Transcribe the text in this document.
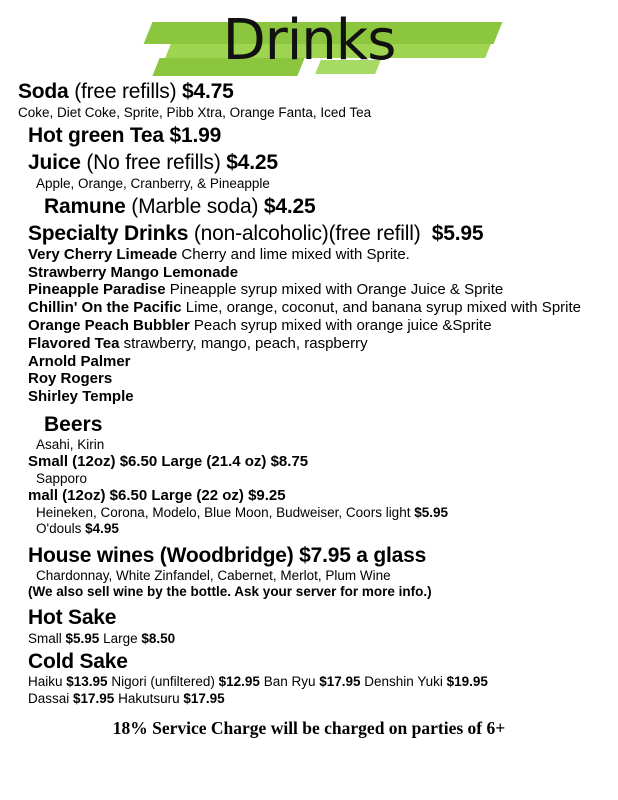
Drinks
Soda (free refills) $4.75
Coke, Diet Coke, Sprite, Pibb Xtra, Orange Fanta, Iced Tea
Hot green Tea $1.99
Juice (No free refills) $4.25
Apple, Orange, Cranberry, & Pineapple
Ramune (Marble soda) $4.25
Specialty Drinks (non-alcoholic)(free refill) $5.95
Very Cherry Limeade Cherry and lime mixed with Sprite.
Strawberry Mango Lemonade
Pineapple Paradise Pineapple syrup mixed with Orange Juice & Sprite
Chillin' On the Pacific Lime, orange, coconut, and banana syrup mixed with Sprite
Orange Peach Bubbler Peach syrup mixed with orange juice &Sprite
Flavored Tea strawberry, mango, peach, raspberry
Arnold Palmer
Roy Rogers
Shirley Temple
Beers
Asahi, Kirin
Small (12oz) $6.50 Large (21.4 oz) $8.75
Sapporo
mall (12oz) $6.50 Large (22 oz) $9.25
Heineken, Corona, Modelo, Blue Moon, Budweiser, Coors light $5.95
O'douls $4.95
House wines (Woodbridge) $7.95 a glass
Chardonnay, White Zinfandel, Cabernet, Merlot, Plum Wine
(We also sell wine by the bottle. Ask your server for more info.)
Hot Sake
Small $5.95 Large $8.50
Cold Sake
Haiku $13.95 Nigori (unfiltered) $12.95 Ban Ryu $17.95 Denshin Yuki $19.95
Dassai $17.95 Hakutsuru $17.95
18% Service Charge will be charged on parties of 6+
